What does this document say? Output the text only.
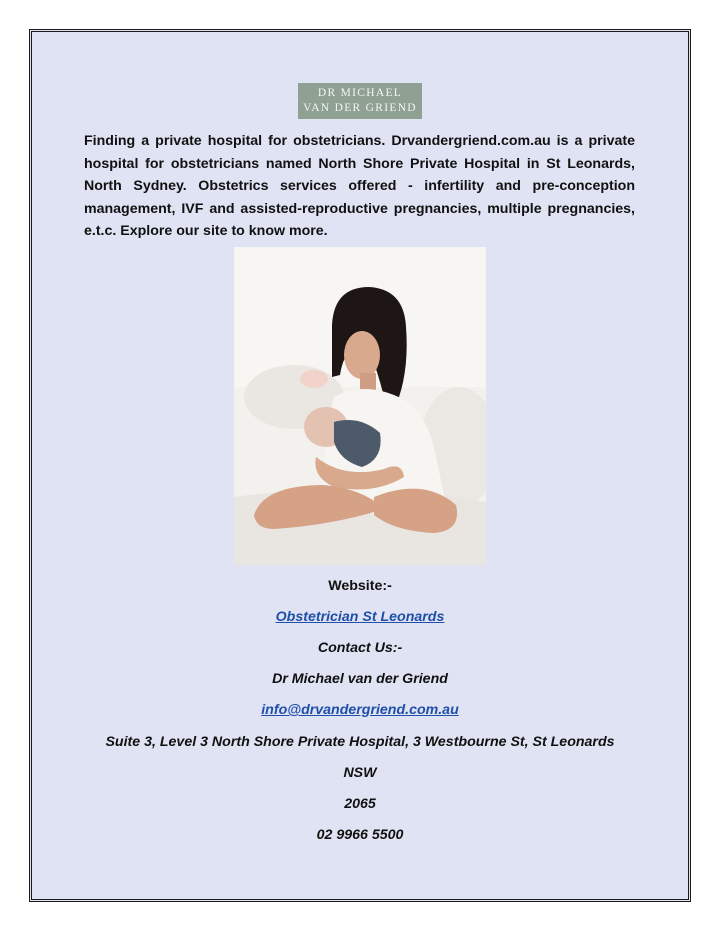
DR MICHAEL
VAN DER GRIEND

Finding a private hospital for obstetricians. Drvandergriend.com.au is a private hospital for obstetricians named North Shore Private Hospital in St Leonards, North Sydney. Obstetrics services offered - infertility and pre-conception management, IVF and assisted-reproductive pregnancies, multiple pregnancies, e.t.c. Explore our site to know more.

Website:-

Obstetrician St Leonards

Contact Us:-

Dr Michael van der Griend

info@drvandergriend.com.au

Suite 3, Level 3 North Shore Private Hospital, 3 Westbourne St, St Leonards

NSW

2065

02 9966 5500
